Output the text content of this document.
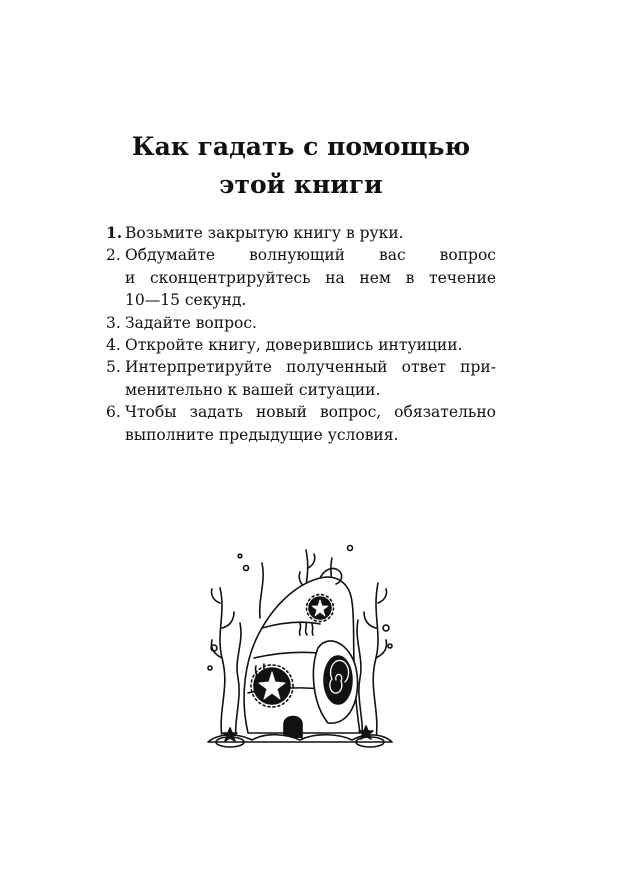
Как гадать с помощью
этой книги
1. Возьмите закрытую книгу в руки.
2. Обдумайте волнующий вас вопрос
и сконцентрируйтесь на нем в течение
10—15 секунд.
3. Задайте вопрос.
4. Откройте книгу, доверившись интуиции.
5. Интерпретируйте полученный ответ при-
менительно к вашей ситуации.
6. Чтобы задать новый вопрос, обязательно
выполните предыдущие условия.
